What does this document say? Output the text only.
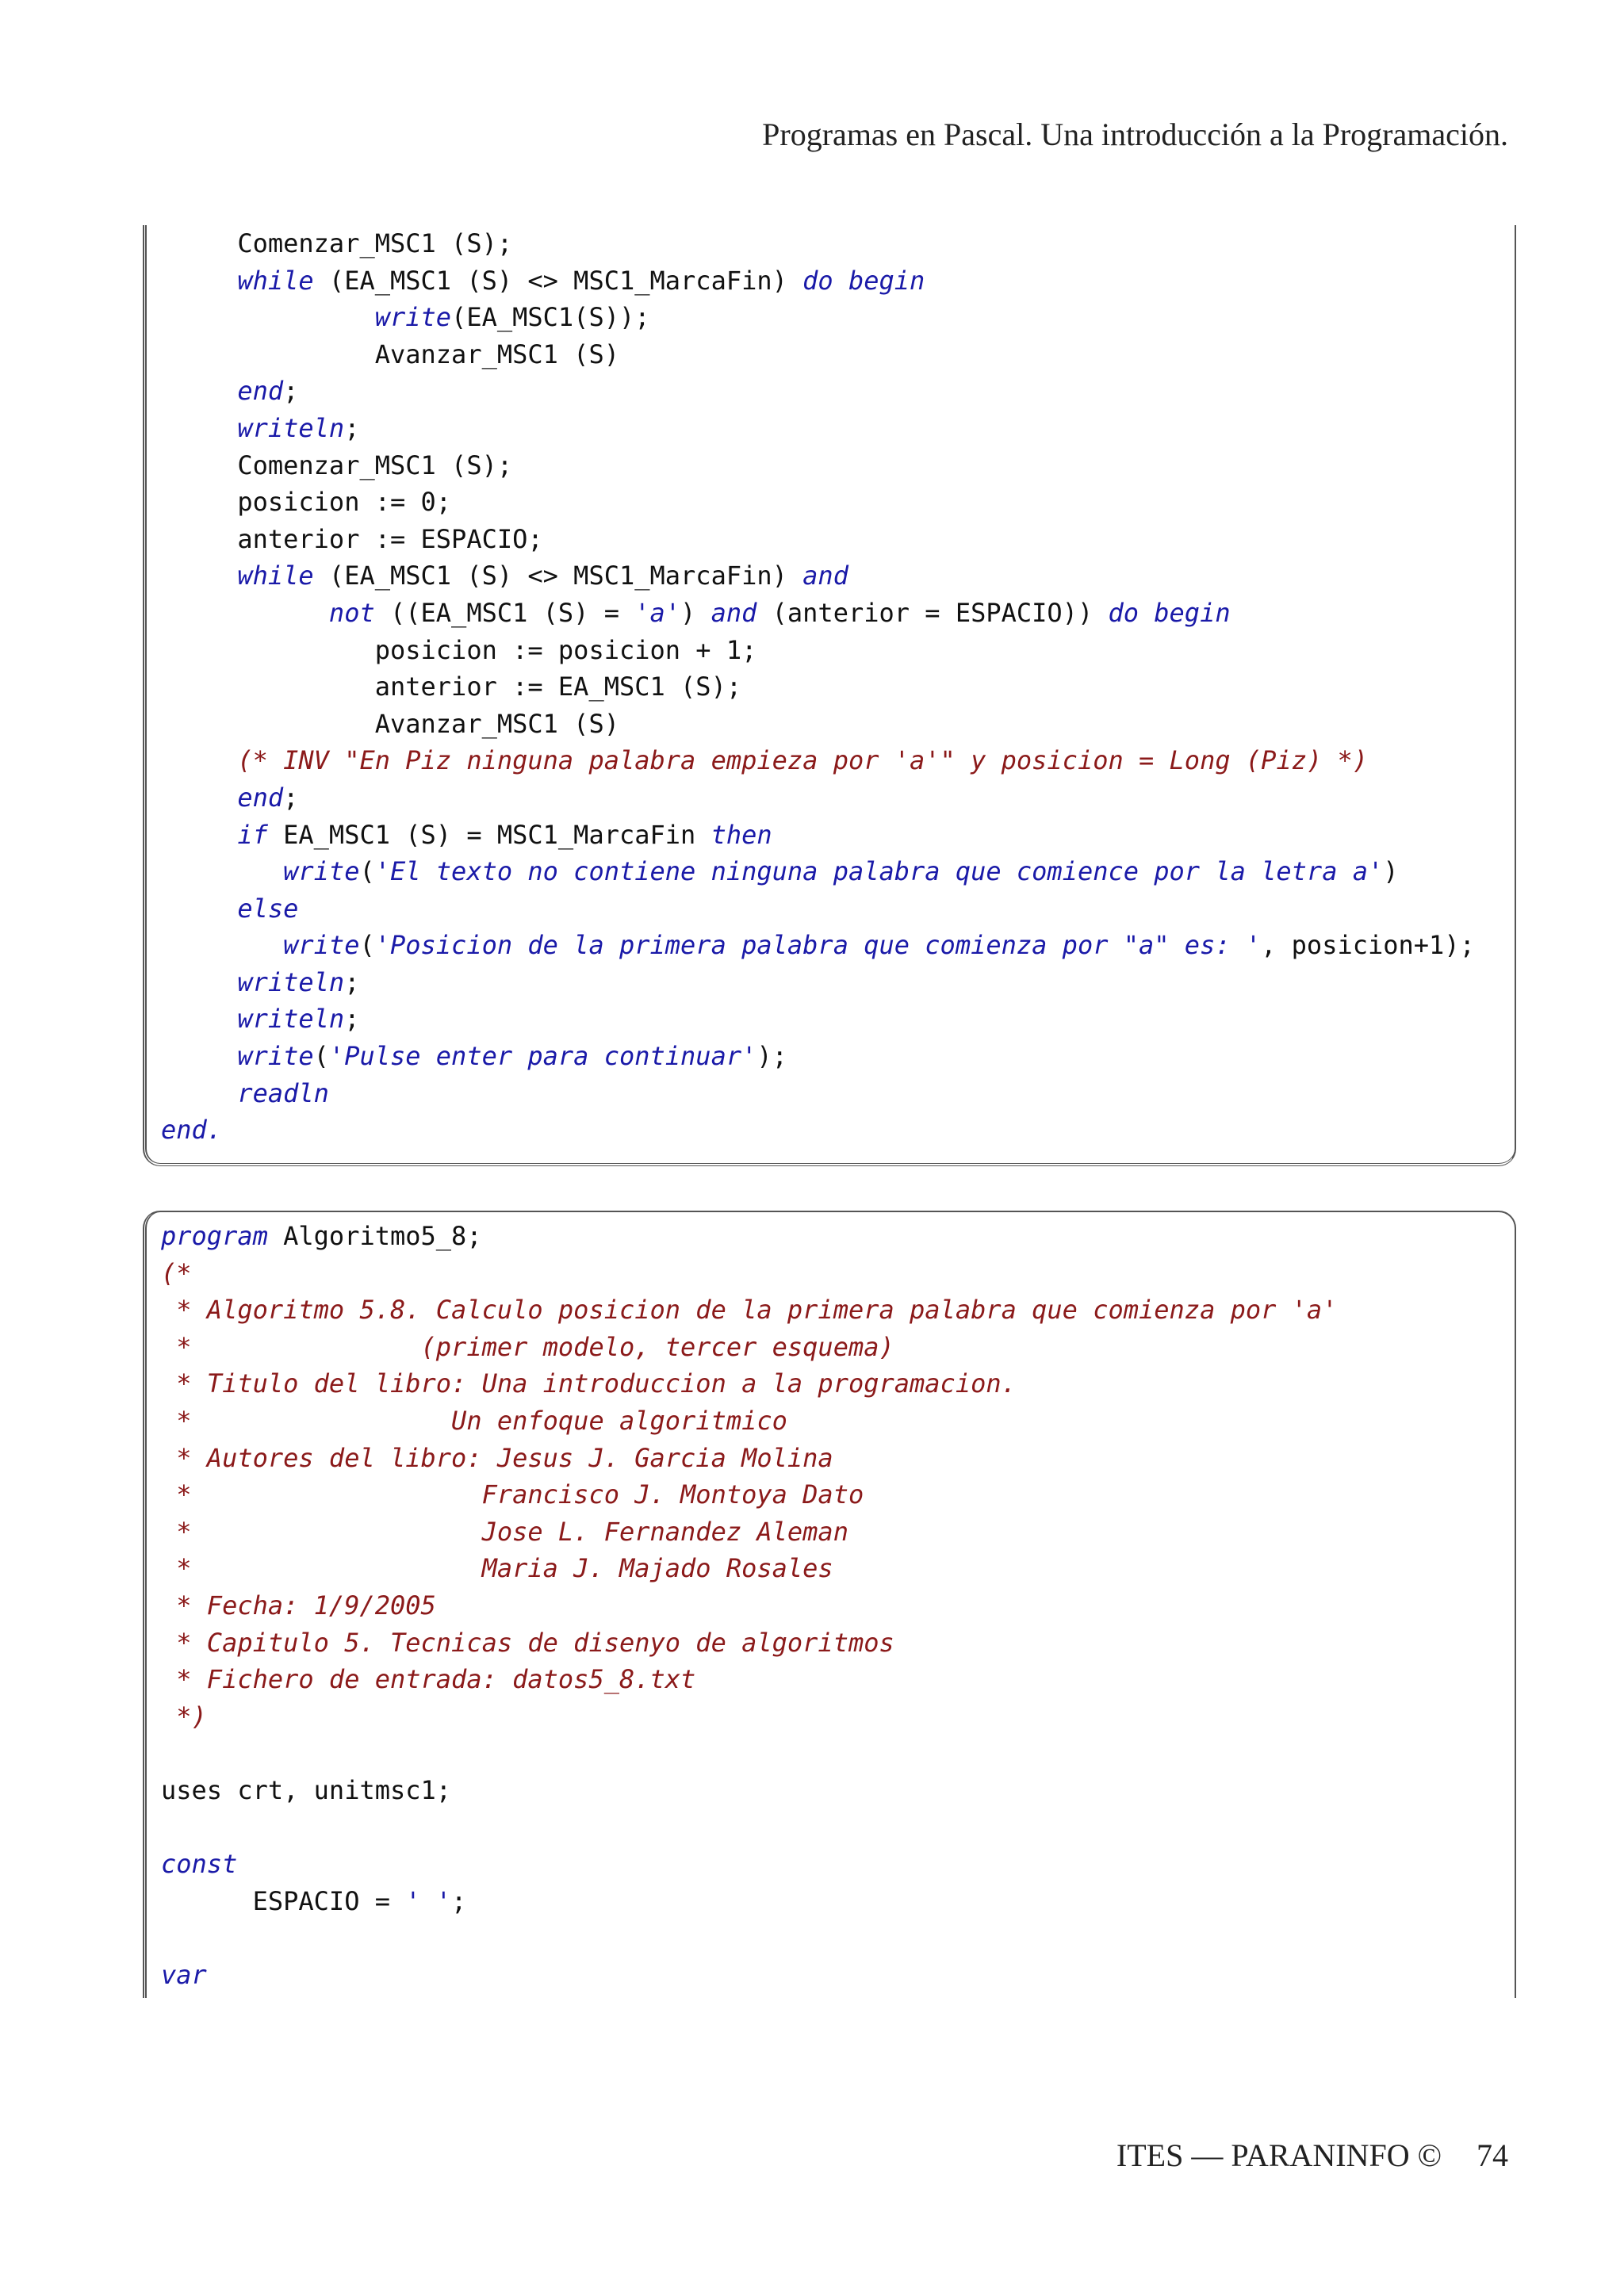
Programas en Pascal. Una introducción a la Programación.
Comenzar_MSC1 (S);
while (EA_MSC1 (S) <> MSC1_MarcaFin) do begin
write(EA_MSC1(S));
Avanzar_MSC1 (S)
end;
writeln;
Comenzar_MSC1 (S);
posicion := 0;
anterior := ESPACIO;
while (EA_MSC1 (S) <> MSC1_MarcaFin) and
not ((EA_MSC1 (S) = 'a') and (anterior = ESPACIO)) do begin
posicion := posicion + 1;
anterior := EA_MSC1 (S);
Avanzar_MSC1 (S)
(* INV "En Piz ninguna palabra empieza por 'a'" y posicion = Long (Piz) *)
end;
if EA_MSC1 (S) = MSC1_MarcaFin then
write('El texto no contiene ninguna palabra que comience por la letra a')
else
write('Posicion de la primera palabra que comienza por "a" es: ', posicion+1);
writeln;
writeln;
write('Pulse enter para continuar');
readln
end.
program Algoritmo5_8;
(*
* Algoritmo 5.8. Calculo posicion de la primera palabra que comienza por 'a'
*               (primer modelo, tercer esquema)
* Titulo del libro: Una introduccion a la programacion.
*                 Un enfoque algoritmico
* Autores del libro: Jesus J. Garcia Molina
*                   Francisco J. Montoya Dato
*                   Jose L. Fernandez Aleman
*                   Maria J. Majado Rosales
* Fecha: 1/9/2005
* Capitulo 5. Tecnicas de disenyo de algoritmos
* Fichero de entrada: datos5_8.txt
*)

uses crt, unitmsc1;

const
ESPACIO = ' ';

var
ITES — PARANINFO © 74
